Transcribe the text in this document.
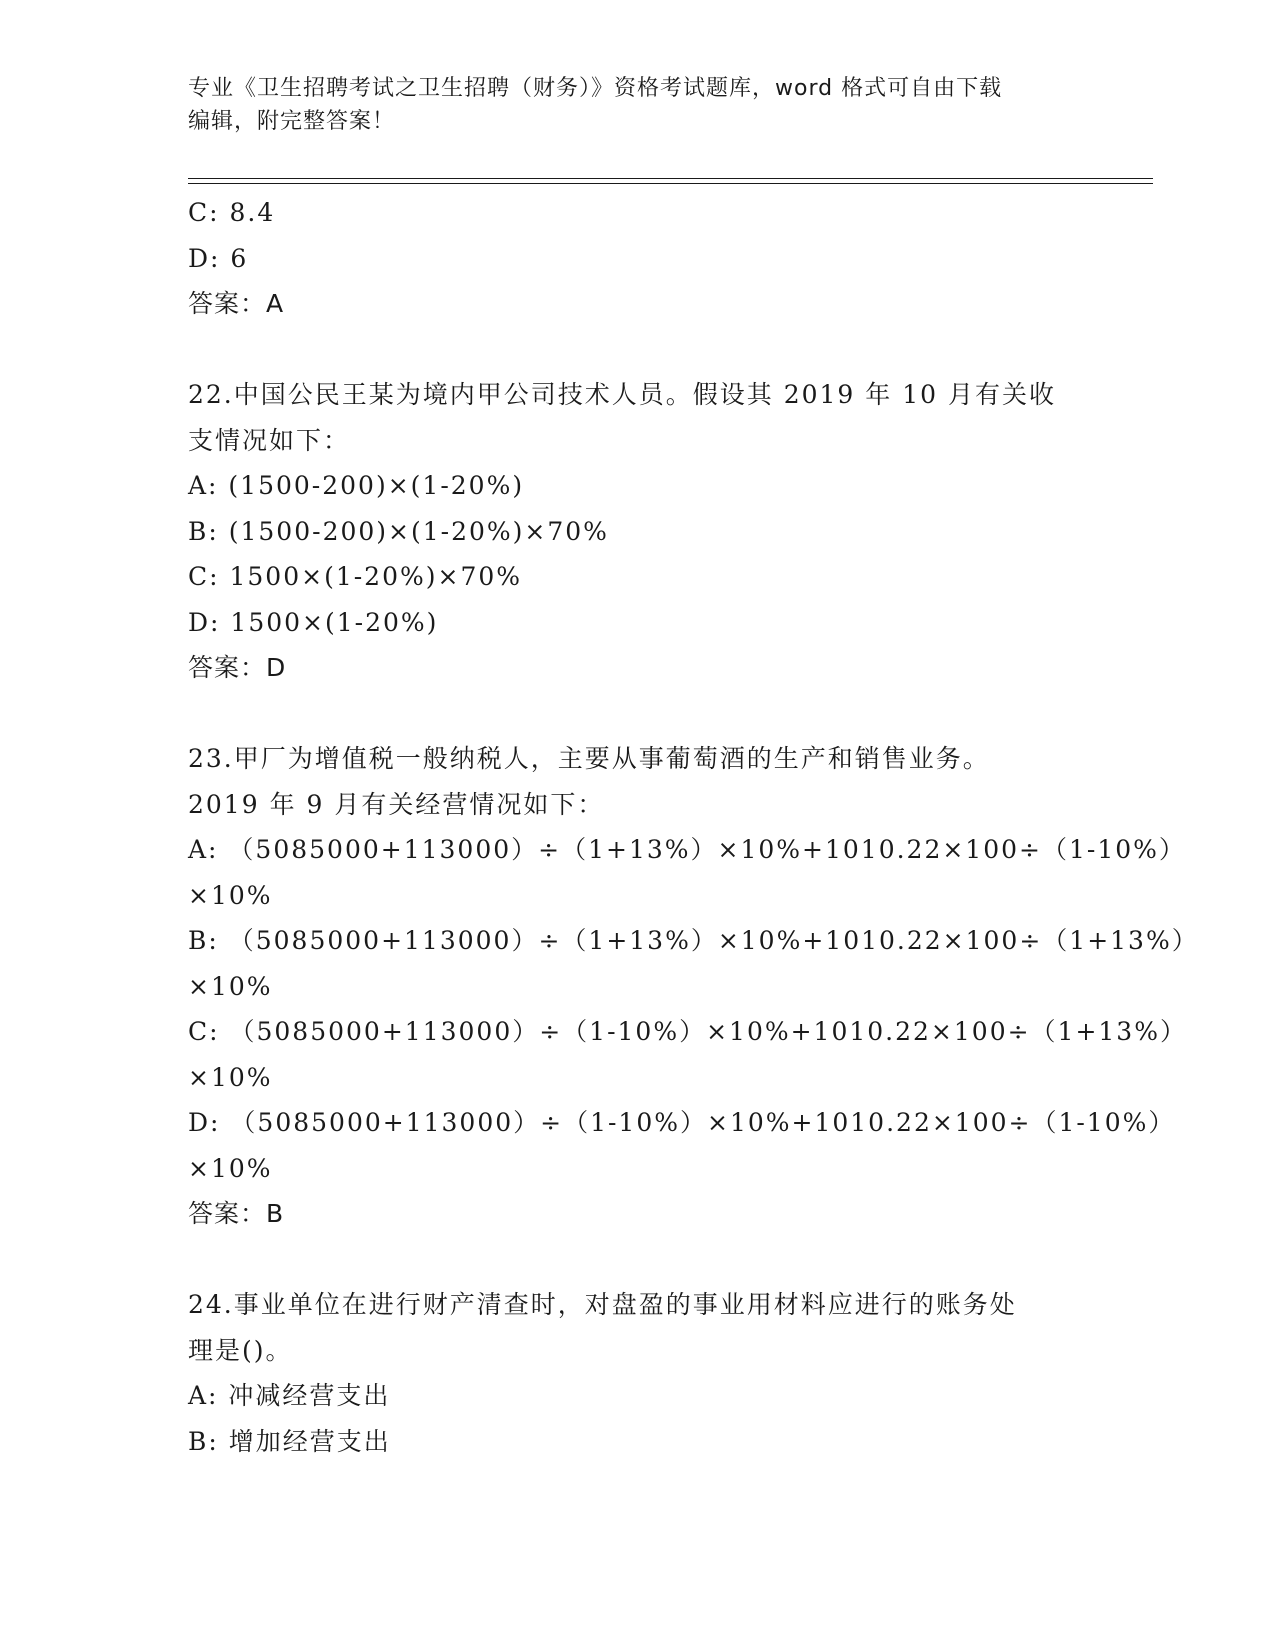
专业《卫生招聘考试之卫生招聘（财务）》资格考试题库，word 格式可自由下载
编辑，附完整答案！

C: 8.4

D: 6

答案：A

22.中国公民王某为境内甲公司技术人员。假设其 2019 年 10 月有关收

支情况如下：

A: (1500-200)×(1-20%)

B: (1500-200)×(1-20%)×70%

C: 1500×(1-20%)×70%

D: 1500×(1-20%)

答案：D

23.甲厂为增值税一般纳税人，主要从事葡萄酒的生产和销售业务。

2019 年 9 月有关经营情况如下：

A: （5085000+113000）÷（1+13%）×10%+1010.22×100÷（1-10%）

×10%

B: （5085000+113000）÷（1+13%）×10%+1010.22×100÷（1+13%）

×10%

C: （5085000+113000）÷（1-10%）×10%+1010.22×100÷（1+13%）

×10%

D: （5085000+113000）÷（1-10%）×10%+1010.22×100÷（1-10%）

×10%

答案：B

24.事业单位在进行财产清查时，对盘盈的事业用材料应进行的账务处

理是()。

A: 冲减经营支出

B: 增加经营支出
